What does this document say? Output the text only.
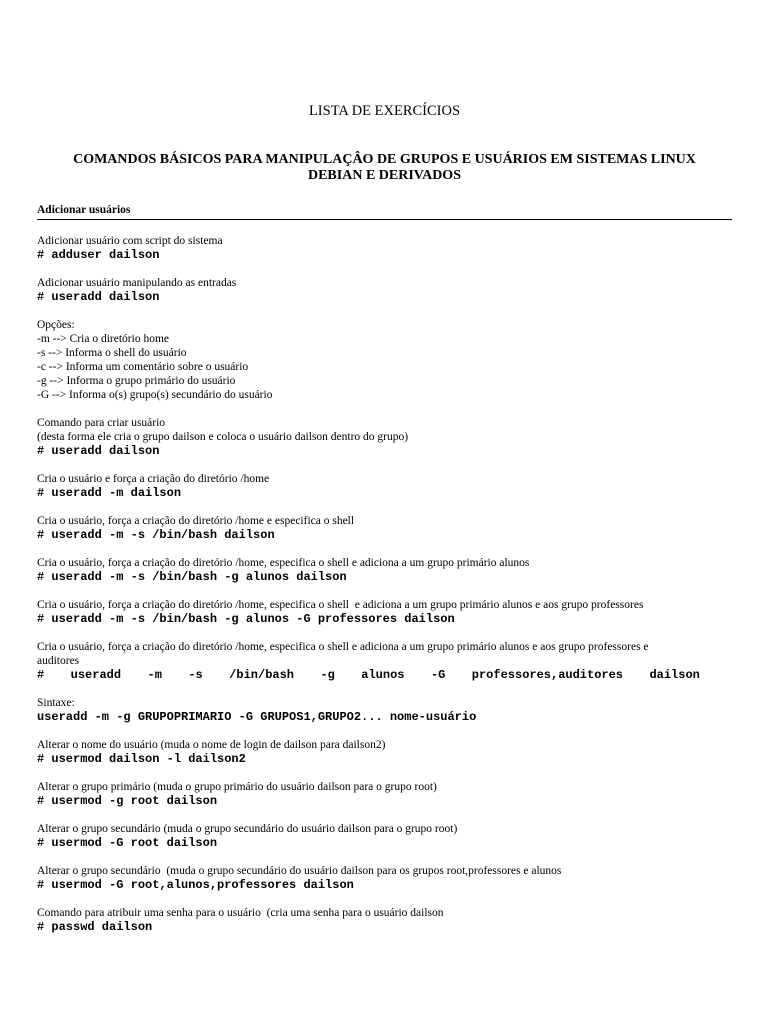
LISTA DE EXERCÍCIOS
COMANDOS BÁSICOS PARA MANIPULAÇÂO DE GRUPOS E USUÁRIOS EM SISTEMAS LINUX
DEBIAN E DERIVADOS
Adicionar usuários
Adicionar usuário com script do sistema
# adduser dailson
Adicionar usuário manipulando as entradas
# useradd dailson
Opções:
-m --> Cria o diretório home
-s --> Informa o shell do usuário
-c --> Informa um comentário sobre o usuário
-g --> Informa o grupo primário do usuário
-G --> Informa o(s) grupo(s) secundário do usuário
Comando para criar usuário
(desta forma ele cria o grupo dailson e coloca o usuário dailson dentro do grupo)
# useradd dailson
Cria o usuário e força a criação do diretório /home
# useradd -m dailson
Cria o usuário, força a criação do diretório /home e especifica o shell
# useradd -m -s /bin/bash dailson
Cria o usuário, força a criação do diretório /home, especifica o shell e adiciona a um grupo primário alunos
# useradd -m -s /bin/bash -g alunos dailson
Cria o usuário, força a criação do diretório /home, especifica o shell  e adiciona a um grupo primário alunos e aos grupo professores
# useradd -m -s /bin/bash -g alunos -G professores dailson
Cria o usuário, força a criação do diretório /home, especifica o shell e adiciona a um grupo primário alunos e aos grupo professores e
auditores
# useradd -m -s /bin/bash -g alunos -G professores,auditores dailson
Sintaxe:
useradd -m -g GRUPOPRIMARIO -G GRUPOS1,GRUPO2... nome-usuário
Alterar o nome do usuário (muda o nome de login de dailson para dailson2)
# usermod dailson -l dailson2
Alterar o grupo primário (muda o grupo primário do usuário dailson para o grupo root)
# usermod -g root dailson
Alterar o grupo secundário (muda o grupo secundário do usuário dailson para o grupo root)
# usermod -G root dailson
Alterar o grupo secundário  (muda o grupo secundário do usuário dailson para os grupos root,professores e alunos
# usermod -G root,alunos,professores dailson
Comando para atribuir uma senha para o usuário  (cria uma senha para o usuário dailson
# passwd dailson
